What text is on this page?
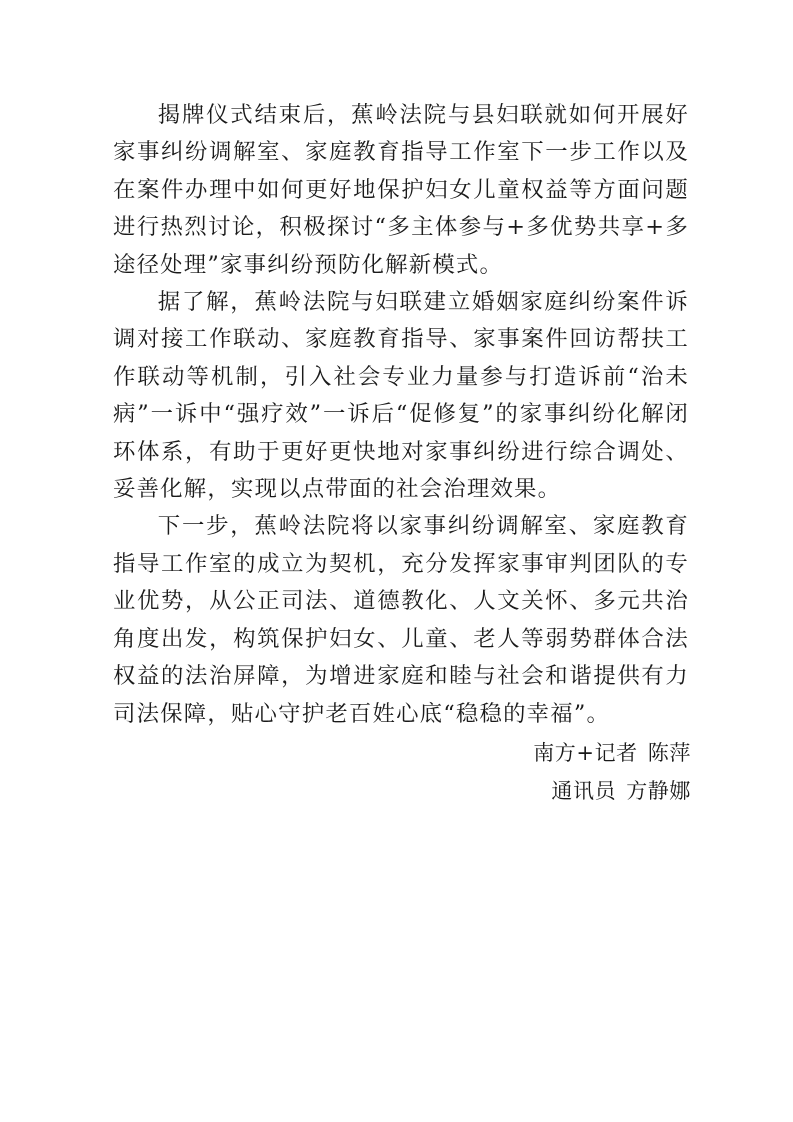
揭牌仪式结束后，蕉岭法院与县妇联就如何开展好家事纠纷调解室、家庭教育指导工作室下一步工作以及在案件办理中如何更好地保护妇女儿童权益等方面问题进行热烈讨论，积极探讨“多主体参与+多优势共享+多途径处理”家事纠纷预防化解新模式。

据了解，蕉岭法院与妇联建立婚姻家庭纠纷案件诉调对接工作联动、家庭教育指导、家事案件回访帮扶工作联动等机制，引入社会专业力量参与打造诉前“治未病”一诉中“强疗效”一诉后“促修复”的家事纠纷化解闭环体系，有助于更好更快地对家事纠纷进行综合调处、妥善化解，实现以点带面的社会治理效果。

下一步，蕉岭法院将以家事纠纷调解室、家庭教育指导工作室的成立为契机，充分发挥家事审判团队的专业优势，从公正司法、道德教化、人文关怀、多元共治角度出发，构筑保护妇女、儿童、老人等弱势群体合法权益的法治屏障，为增进家庭和睦与社会和谐提供有力司法保障，贴心守护老百姓心底“稳稳的幸福”。

南方+记者 陈萍
通讯员 方静娜
